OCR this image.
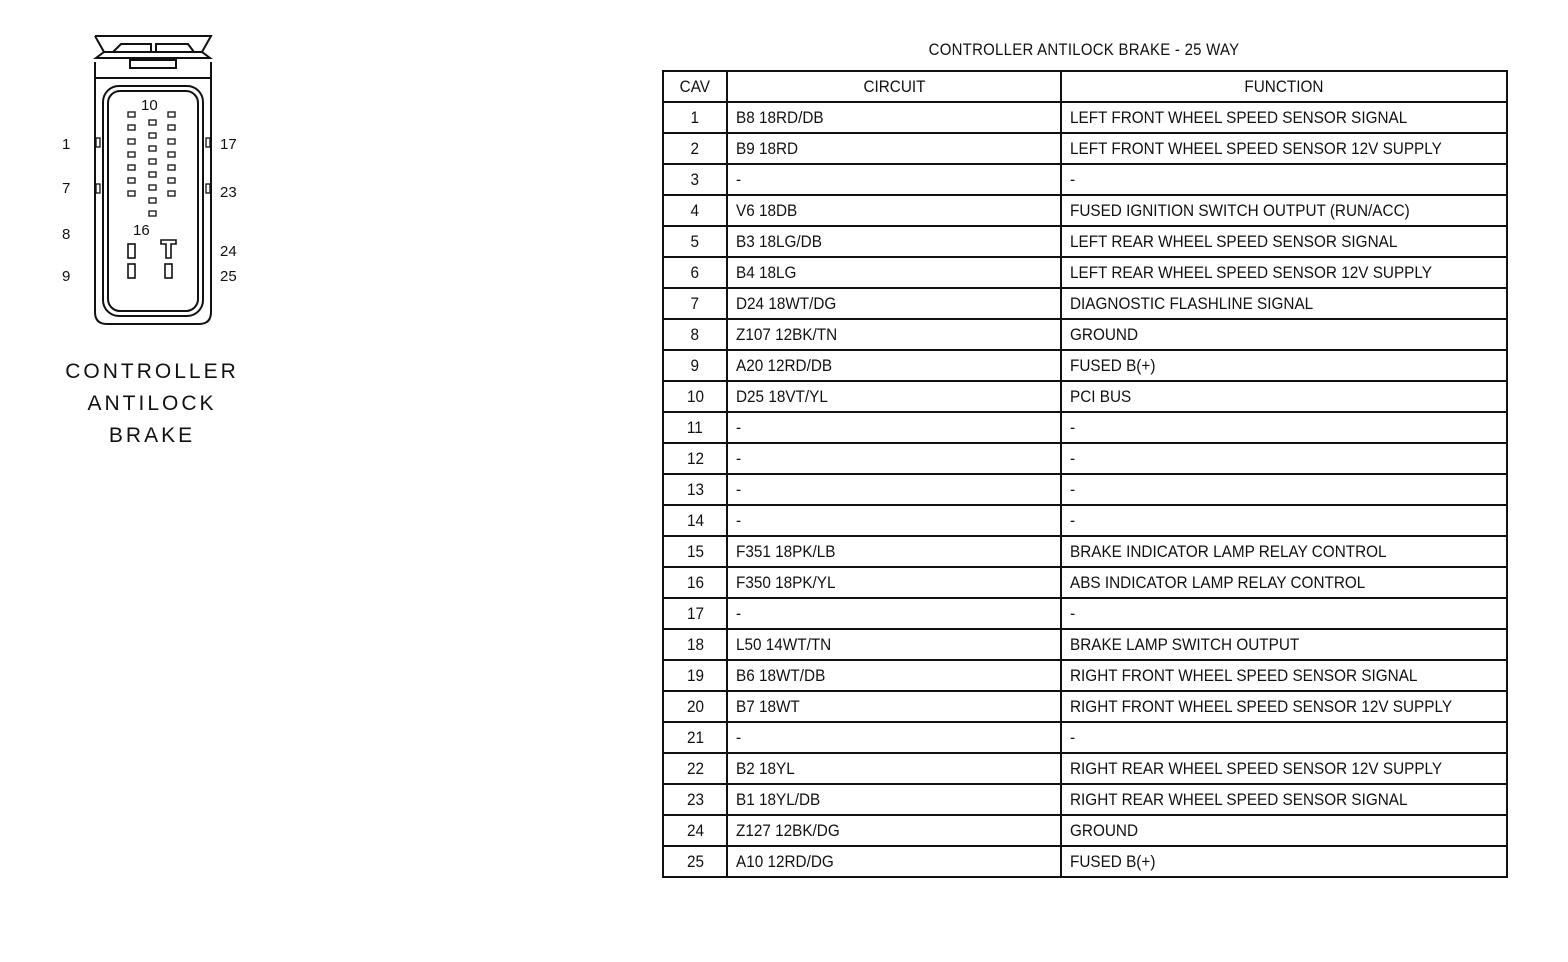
1
7
8
9
10
16
17
23
24
25
CONTROLLER
ANTILOCK
BRAKE
CONTROLLER ANTILOCK BRAKE - 25 WAY
CAV	CIRCUIT	FUNCTION
1	B8 18RD/DB	LEFT FRONT WHEEL SPEED SENSOR SIGNAL
2	B9 18RD	LEFT FRONT WHEEL SPEED SENSOR 12V SUPPLY
3	-	-
4	V6 18DB	FUSED IGNITION SWITCH OUTPUT (RUN/ACC)
5	B3 18LG/DB	LEFT REAR WHEEL SPEED SENSOR SIGNAL
6	B4 18LG	LEFT REAR WHEEL SPEED SENSOR 12V SUPPLY
7	D24 18WT/DG	DIAGNOSTIC FLASHLINE SIGNAL
8	Z107 12BK/TN	GROUND
9	A20 12RD/DB	FUSED B(+)
10	D25 18VT/YL	PCI BUS
11	-	-
12	-	-
13	-	-
14	-	-
15	F351 18PK/LB	BRAKE INDICATOR LAMP RELAY CONTROL
16	F350 18PK/YL	ABS INDICATOR LAMP RELAY CONTROL
17	-	-
18	L50 14WT/TN	BRAKE LAMP SWITCH OUTPUT
19	B6 18WT/DB	RIGHT FRONT WHEEL SPEED SENSOR SIGNAL
20	B7 18WT	RIGHT FRONT WHEEL SPEED SENSOR 12V SUPPLY
21	-	-
22	B2 18YL	RIGHT REAR WHEEL SPEED SENSOR 12V SUPPLY
23	B1 18YL/DB	RIGHT REAR WHEEL SPEED SENSOR SIGNAL
24	Z127 12BK/DG	GROUND
25	A10 12RD/DG	FUSED B(+)
